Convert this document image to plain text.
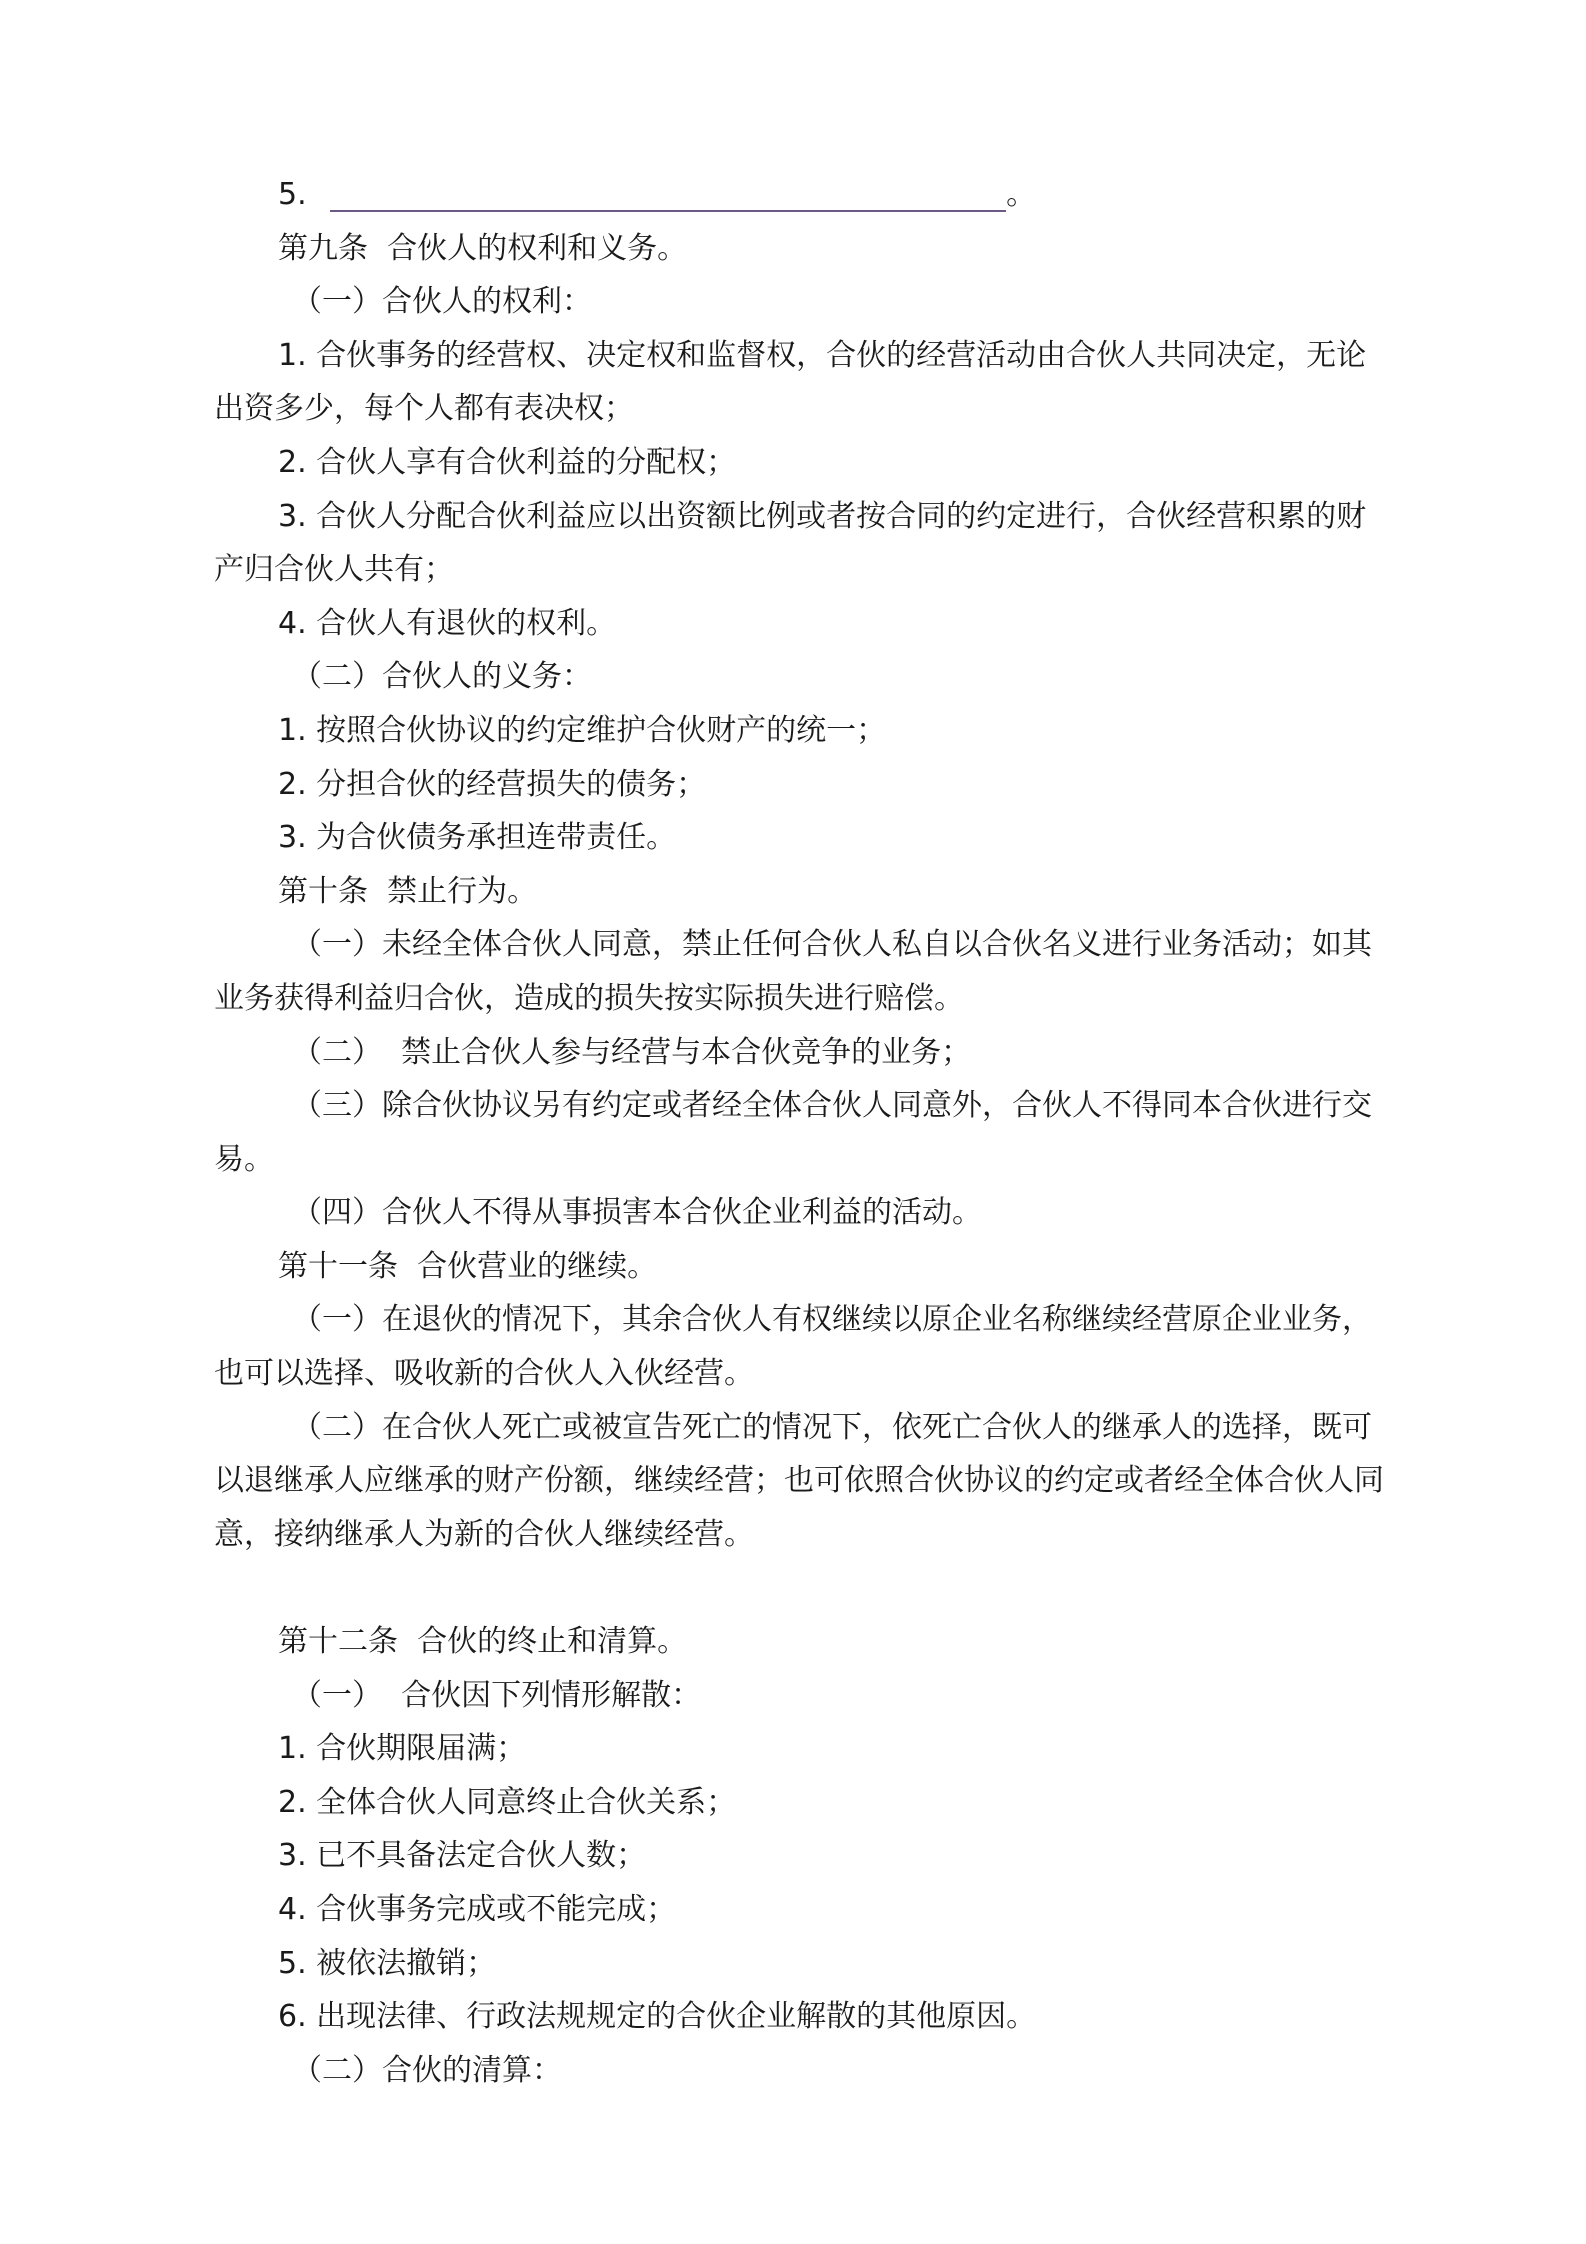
5.	。

第九条  合伙人的权利和义务。

（一）合伙人的权利：

1. 合伙事务的经营权、决定权和监督权，合伙的经营活动由合伙人共同决定，无论出资多少，每个人都有表决权；

2. 合伙人享有合伙利益的分配权；

3. 合伙人分配合伙利益应以出资额比例或者按合同的约定进行，合伙经营积累的财产归合伙人共有；

4. 合伙人有退伙的权利。

（二）合伙人的义务：

1. 按照合伙协议的约定维护合伙财产的统一；

2. 分担合伙的经营损失的债务；

3. 为合伙债务承担连带责任。

第十条  禁止行为。

（一）未经全体合伙人同意，禁止任何合伙人私自以合伙名义进行业务活动；如其业务获得利益归合伙，造成的损失按实际损失进行赔偿。

（二）  禁止合伙人参与经营与本合伙竞争的业务；

（三）除合伙协议另有约定或者经全体合伙人同意外，合伙人不得同本合伙进行交易。

（四）合伙人不得从事损害本合伙企业利益的活动。

第十一条  合伙营业的继续。

（一）在退伙的情况下，其余合伙人有权继续以原企业名称继续经营原企业业务，也可以选择、吸收新的合伙人入伙经营。

（二）在合伙人死亡或被宣告死亡的情况下，依死亡合伙人的继承人的选择，既可以退继承人应继承的财产份额，继续经营；也可依照合伙协议的约定或者经全体合伙人同意，接纳继承人为新的合伙人继续经营。

第十二条  合伙的终止和清算。

（一）  合伙因下列情形解散：

1. 合伙期限届满；

2. 全体合伙人同意终止合伙关系；

3. 已不具备法定合伙人数；

4. 合伙事务完成或不能完成；

5. 被依法撤销；

6. 出现法律、行政法规规定的合伙企业解散的其他原因。

（二）合伙的清算：
